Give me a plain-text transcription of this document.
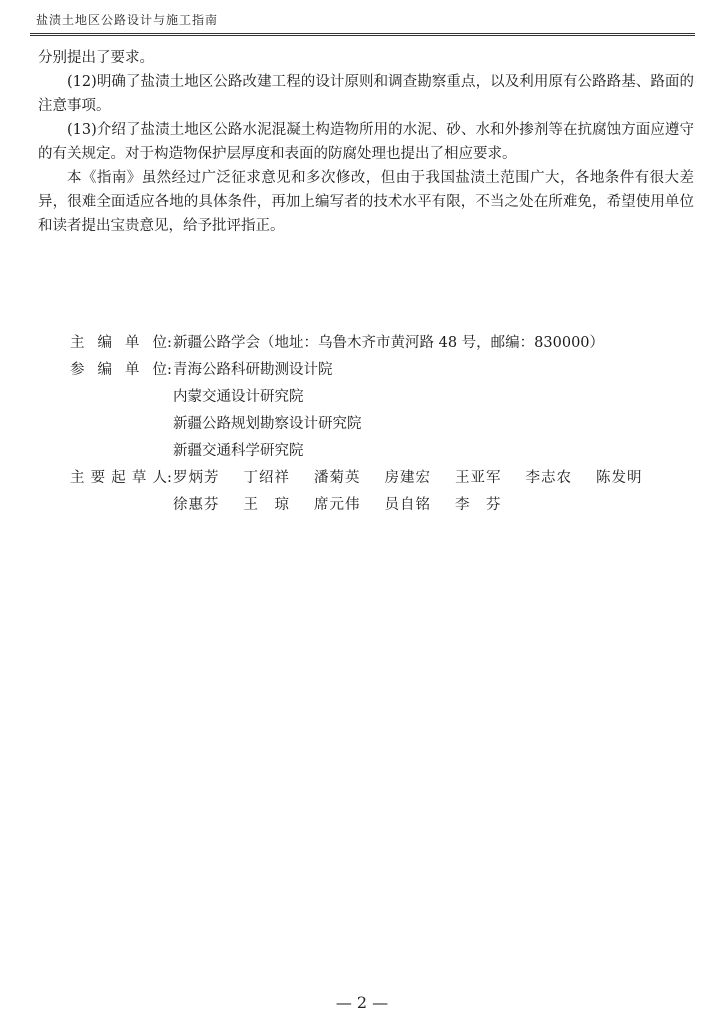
盐渍土地区公路设计与施工指南

分别提出了要求。

(12)明确了盐渍土地区公路改建工程的设计原则和调查勘察重点，以及利用原有公路路基、路面的注意事项。

(13)介绍了盐渍土地区公路水泥混凝土构造物所用的水泥、砂、水和外掺剂等在抗腐蚀方面应遵守的有关规定。对于构造物保护层厚度和表面的防腐处理也提出了相应要求。

本《指南》虽然经过广泛征求意见和多次修改，但由于我国盐渍土范围广大，各地条件有很大差异，很难全面适应各地的具体条件，再加上编写者的技术水平有限，不当之处在所难免，希望使用单位和读者提出宝贵意见，给予批评指正。

主编单位 : 新疆公路学会（地址：乌鲁木齐市黄河路 48 号，邮编：830000）
参编单位 : 青海公路科研勘测设计院
内蒙交通设计研究院
新疆公路规划勘察设计研究院
新疆交通科学研究院
主要起草人 : 罗炳芳 丁绍祥 潘菊英 房建宏 王亚军 李志农 陈发明
徐惠芬 王　琼 席元伟 员自铭 李　芬
— 2 —
